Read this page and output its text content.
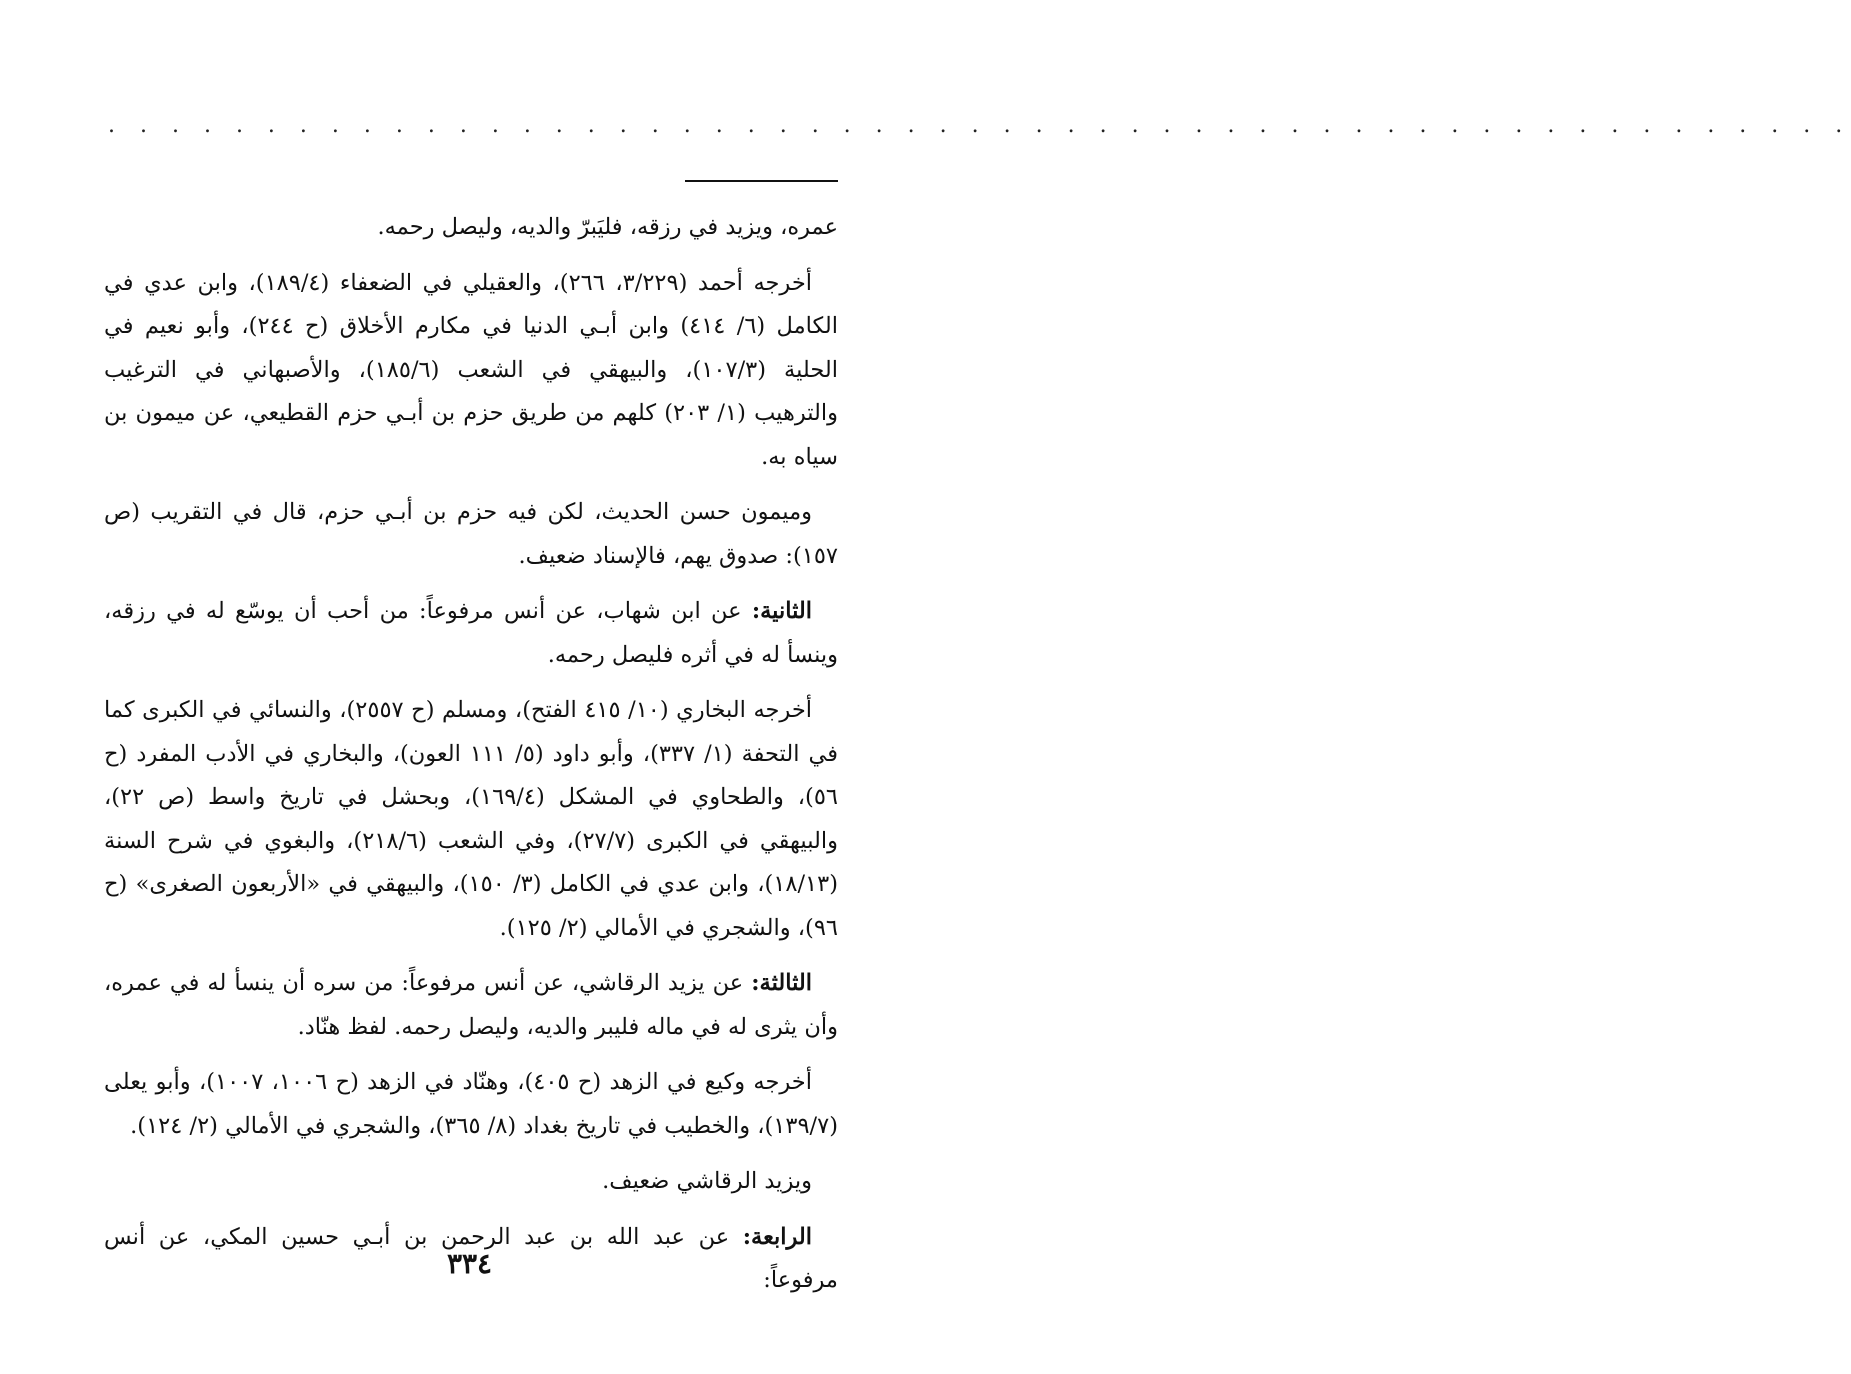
. . . . . . . . . . . . . . . . . . . . . . . . . . . . . . . . . . . . . . . . . . . . . . . . . . . . . . .

عمره، ويزيد في رزقه، فليَبرّ والديه، وليصل رحمه.

أخرجه أحمد (٣/٢٢٩، ٢٦٦)، والعقيلي في الضعفاء (١٨٩/٤)، وابن عدي في الكامل (٦/ ٤١٤) وابن أبـي الدنيا في مكارم الأخلاق (ح ٢٤٤)، وأبو نعيم في الحلية (١٠٧/٣)، والبيهقي في الشعب (١٨٥/٦)، والأصبهاني في الترغيب والترهيب (١/ ٢٠٣) كلهم من طريق حزم بن أبـي حزم القطيعي، عن ميمون بن سياه به.

وميمون حسن الحديث، لكن فيه حزم بن أبـي حزم، قال في التقريب (ص ١٥٧): صدوق يهم، فالإسناد ضعيف.

الثانية: عن ابن شهاب، عن أنس مرفوعاً: من أحب أن يوسّع له في رزقه، وينسأ له في أثره فليصل رحمه.

أخرجه البخاري (١٠/ ٤١٥ الفتح)، ومسلم (ح ٢٥٥٧)، والنسائي في الكبرى كما في التحفة (١/ ٣٣٧)، وأبو داود (٥/ ١١١ العون)، والبخاري في الأدب المفرد (ح ٥٦)، والطحاوي في المشكل (١٦٩/٤)، وبحشل في تاريخ واسط (ص ٢٢)، والبيهقي في الكبرى (٢٧/٧)، وفي الشعب (٢١٨/٦)، والبغوي في شرح السنة (١٨/١٣)، وابن عدي في الكامل (٣/ ١٥٠)، والبيهقي في «الأربعون الصغرى» (ح ٩٦)، والشجري في الأمالي (٢/ ١٢٥).

الثالثة: عن يزيد الرقاشي، عن أنس مرفوعاً: من سره أن ينسأ له في عمره، وأن يثرى له في ماله فليبر والديه، وليصل رحمه. لفظ هنّاد.

أخرجه وكيع في الزهد (ح ٤٠٥)، وهنّاد في الزهد (ح ١٠٠٦، ١٠٠٧)، وأبو يعلى (١٣٩/٧)، والخطيب في تاريخ بغداد (٨/ ٣٦٥)، والشجري في الأمالي (٢/ ١٢٤).

ويزيد الرقاشي ضعيف.

الرابعة: عن عبد الله بن عبد الرحمن بن أبـي حسين المكي، عن أنس مرفوعاً:

٣٣٤
